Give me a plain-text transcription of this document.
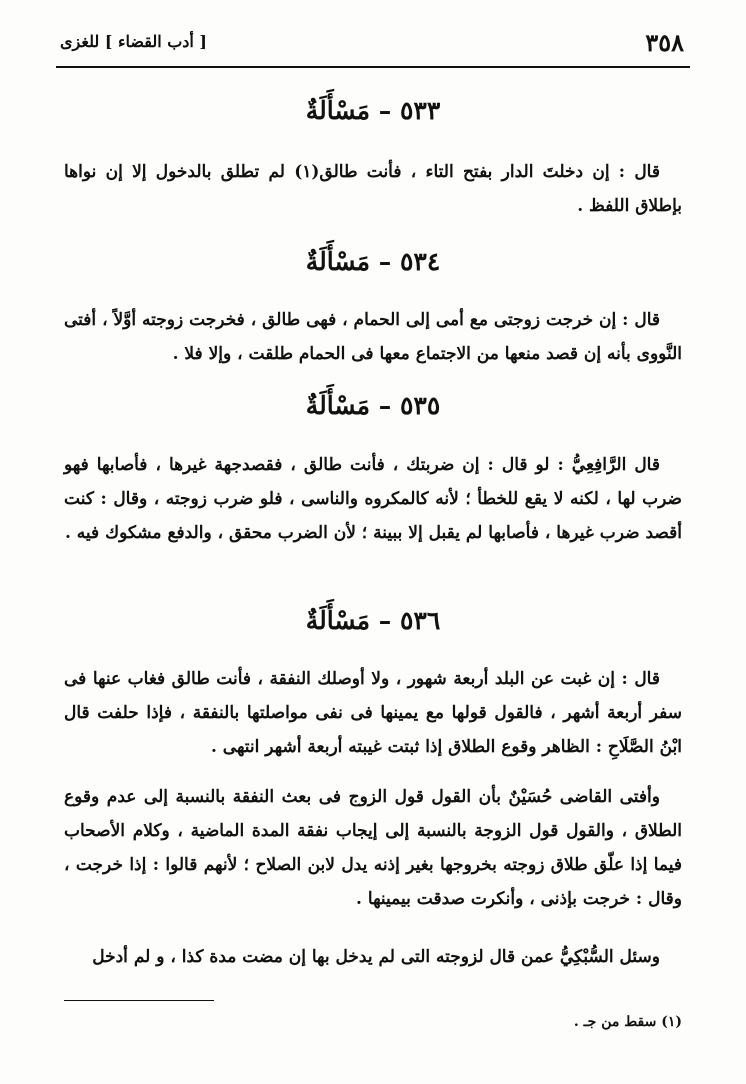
٣٥٨
[ أدب القضاء ] للغزى
٥٣٣ – مَسْأَلَةٌ
قال : إن دخلتَ الدار بفتح التاء ، فأنت طالق(١) لم تطلق بالدخول إلا إن نواها بإطلاق اللفظ .
٥٣٤ – مَسْأَلَةٌ
قال : إن خرجت زوجتى مع أمى إلى الحمام ، فهى طالق ، فخرجت زوجته أوَّلاً ، أفتى النَّووى بأنه إن قصد منعها من الاجتماع معها فى الحمام طلقت ، وإلا فلا .
٥٣٥ – مَسْأَلَةٌ
قال الرَّافِعِيُّ : لو قال : إن ضربتك ، فأنت طالق ، فقصدجهة غيرها ، فأصابها فهو ضرب لها ، لكنه لا يقع للخطأ ؛ لأنه كالمكروه والناسى ، فلو ضرب زوجته ، وقال : كنت أقصد ضرب غيرها ، فأصابها لم يقبل إلا ببينة ؛ لأن الضرب محقق ، والدفع مشكوك فيه .
٥٣٦ – مَسْأَلَةٌ
قال : إن غبت عن البلد أربعة شهور ، ولا أوصلك النفقة ، فأنت طالق فغاب عنها فى سفر أربعة أشهر ، فالقول قولها مع يمينها فى نفى مواصلتها بالنفقة ، فإذا حلفت قال ابْنُ الصَّلَاحِ : الظاهر وقوع الطلاق إذا ثبتت غيبته أربعة أشهر انتهى .
وأفتى القاضى حُسَيْنٌ بأن القول قول الزوج فى بعث النفقة بالنسبة إلى عدم وقوع الطلاق ، والقول قول الزوجة بالنسبة إلى إيجاب نفقة المدة الماضية ، وكلام الأصحاب فيما إذا علّق طلاق زوجته بخروجها بغير إذنه يدل لابن الصلاح ؛ لأنهم قالوا : إذا خرجت ، وقال : خرجت بإذنى ، وأنكرت صدقت بيمينها .
وسئل السُّبْكِيُّ عمن قال لزوجته التى لم يدخل بها إن مضت مدة كذا ، و لم أدخل
(١) سقط من جـ .
